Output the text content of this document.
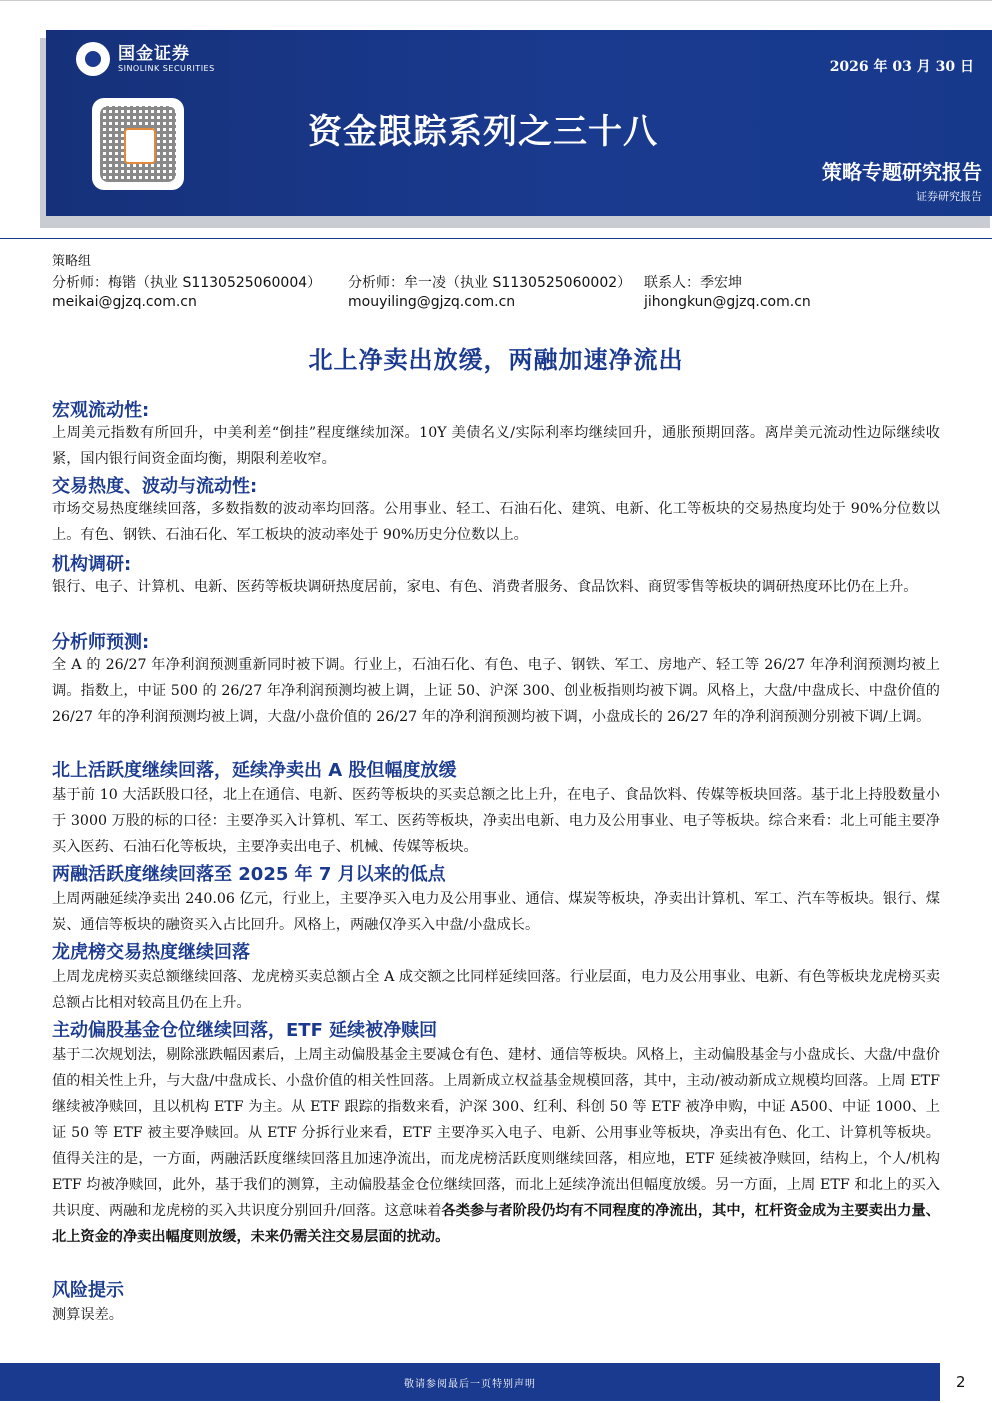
国金证券
SINOLINK SECURITIES	2026 年 03 月 30 日
资金跟踪系列之三十八
策略专题研究报告
证券研究报告
策略组
分析师：梅锴（执业 S1130525060004） 分析师：牟一凌（执业 S1130525060002） 联系人：季宏坤
meikai@gjzq.com.cn	mouyiling@gjzq.com.cn	jihongkun@gjzq.com.cn
北上净卖出放缓，两融加速净流出
宏观流动性:
上周美元指数有所回升，中美利差“倒挂”程度继续加深。10Y 美债名义/实际利率均继续回升，通胀预期回落。离岸美元流动性边际继续收紧，国内银行间资金面均衡，期限利差收窄。
交易热度、波动与流动性:
市场交易热度继续回落，多数指数的波动率均回落。公用事业、轻工、石油石化、建筑、电新、化工等板块的交易热度均处于 90%分位数以上。有色、钢铁、石油石化、军工板块的波动率处于 90%历史分位数以上。
机构调研:
银行、电子、计算机、电新、医药等板块调研热度居前，家电、有色、消费者服务、食品饮料、商贸零售等板块的调研热度环比仍在上升。
分析师预测:
全 A 的 26/27 年净利润预测重新同时被下调。行业上，石油石化、有色、电子、钢铁、军工、房地产、轻工等 26/27 年净利润预测均被上调。指数上，中证 500 的 26/27 年净利润预测均被上调，上证 50、沪深 300、创业板指则均被下调。风格上，大盘/中盘成长、中盘价值的 26/27 年的净利润预测均被上调，大盘/小盘价值的 26/27 年的净利润预测均被下调，小盘成长的 26/27 年的净利润预测分别被下调/上调。
北上活跃度继续回落，延续净卖出 A 股但幅度放缓
基于前 10 大活跃股口径，北上在通信、电新、医药等板块的买卖总额之比上升，在电子、食品饮料、传媒等板块回落。基于北上持股数量小于 3000 万股的标的口径：主要净买入计算机、军工、医药等板块，净卖出电新、电力及公用事业、电子等板块。综合来看：北上可能主要净买入医药、石油石化等板块，主要净卖出电子、机械、传媒等板块。
两融活跃度继续回落至 2025 年 7 月以来的低点
上周两融延续净卖出 240.06 亿元，行业上，主要净买入电力及公用事业、通信、煤炭等板块，净卖出计算机、军工、汽车等板块。银行、煤炭、通信等板块的融资买入占比回升。风格上，两融仅净买入中盘/小盘成长。
龙虎榜交易热度继续回落
上周龙虎榜买卖总额继续回落、龙虎榜买卖总额占全 A 成交额之比同样延续回落。行业层面，电力及公用事业、电新、有色等板块龙虎榜买卖总额占比相对较高且仍在上升。
主动偏股基金仓位继续回落，ETF 延续被净赎回
基于二次规划法，剔除涨跌幅因素后，上周主动偏股基金主要减仓有色、建材、通信等板块。风格上，主动偏股基金与小盘成长、大盘/中盘价值的相关性上升，与大盘/中盘成长、小盘价值的相关性回落。上周新成立权益基金规模回落，其中，主动/被动新成立规模均回落。上周 ETF 继续被净赎回，且以机构 ETF 为主。从 ETF 跟踪的指数来看，沪深 300、红利、科创 50 等 ETF 被净申购，中证 A500、中证 1000、上证 50 等 ETF 被主要净赎回。从 ETF 分拆行业来看，ETF 主要净买入电子、电新、公用事业等板块，净卖出有色、化工、计算机等板块。值得关注的是，一方面，两融活跃度继续回落且加速净流出，而龙虎榜活跃度则继续回落，相应地，ETF 延续被净赎回，结构上，个人/机构 ETF 均被净赎回，此外，基于我们的测算，主动偏股基金仓位继续回落，而北上延续净流出但幅度放缓。另一方面，上周 ETF 和北上的买入共识度、两融和龙虎榜的买入共识度分别回升/回落。这意味着各类参与者阶段仍均有不同程度的净流出，其中，杠杆资金成为主要卖出力量、北上资金的净卖出幅度则放缓，未来仍需关注交易层面的扰动。
风险提示
测算误差。
敬请参阅最后一页特别声明	2
